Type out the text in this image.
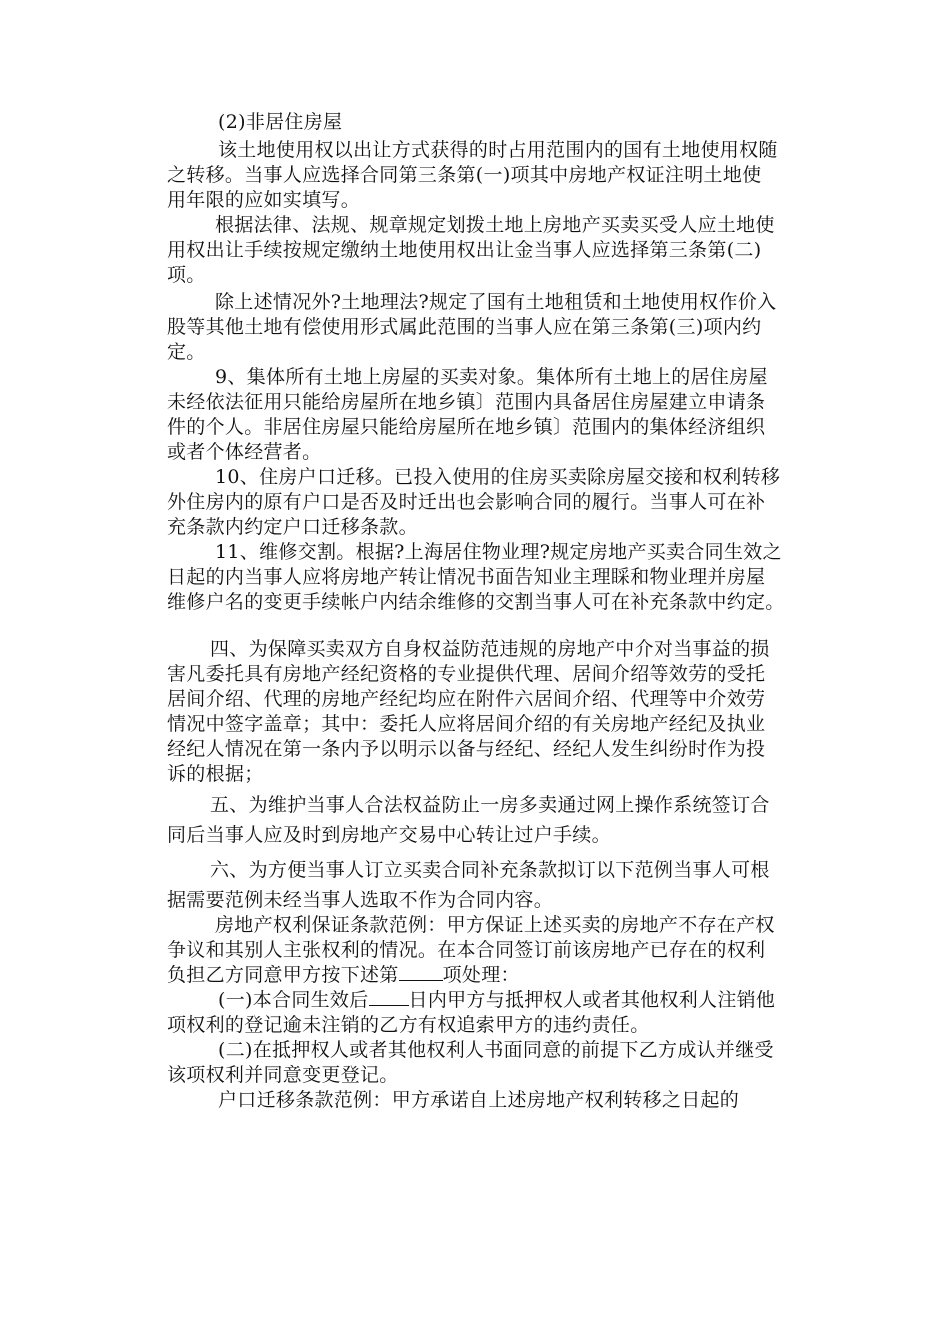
(2)非居住房屋
该土地使用权以出让方式获得的时占用范围内的国有土地使用权随
之转移。当事人应选择合同第三条第(一)项其中房地产权证注明土地使
用年限的应如实填写。
根据法律、法规、规章规定划拨土地上房地产买卖买受人应土地使
用权出让手续按规定缴纳土地使用权出让金当事人应选择第三条第(二)
项。
除上述情况外?土地理法?规定了国有土地租赁和土地使用权作价入
股等其他土地有偿使用形式属此范围的当事人应在第三条第(三)项内约
定。
9、集体所有土地上房屋的买卖对象。集体所有土地上的居住房屋
未经依法征用只能给房屋所在地乡镇〕范围内具备居住房屋建立申请条
件的个人。非居住房屋只能给房屋所在地乡镇〕范围内的集体经济组织
或者个体经营者。
10、住房户口迁移。已投入使用的住房买卖除房屋交接和权利转移
外住房内的原有户口是否及时迁出也会影响合同的履行。当事人可在补
充条款内约定户口迁移条款。
11、维修交割。根据?上海居住物业理?规定房地产买卖合同生效之
日起的内当事人应将房地产转让情况书面告知业主理睬和物业理并房屋
维修户名的变更手续帐户内结余维修的交割当事人可在补充条款中约定。
四、为保障买卖双方自身权益防范违规的房地产中介对当事益的损
害凡委托具有房地产经纪资格的专业提供代理、居间介绍等效劳的受托
居间介绍、代理的房地产经纪均应在附件六居间介绍、代理等中介效劳
情况中签字盖章；其中：委托人应将居间介绍的有关房地产经纪及执业
经纪人情况在第一条内予以明示以备与经纪、经纪人发生纠纷时作为投
诉的根据；
五、为维护当事人合法权益防止一房多卖通过网上操作系统签订合
同后当事人应及时到房地产交易中心转让过户手续。
六、为方便当事人订立买卖合同补充条款拟订以下范例当事人可根
据需要范例未经当事人选取不作为合同内容。
房地产权利保证条款范例：甲方保证上述买卖的房地产不存在产权
争议和其别人主张权利的情况。在本合同签订前该房地产已存在的权利
负担乙方同意甲方按下述第 项处理：
(一)本合同生效后 日内甲方与抵押权人或者其他权利人注销他
项权利的登记逾未注销的乙方有权追索甲方的违约责任。
(二)在抵押权人或者其他权利人书面同意的前提下乙方成认并继受
该项权利并同意变更登记。
户口迁移条款范例：甲方承诺自上述房地产权利转移之日起的
